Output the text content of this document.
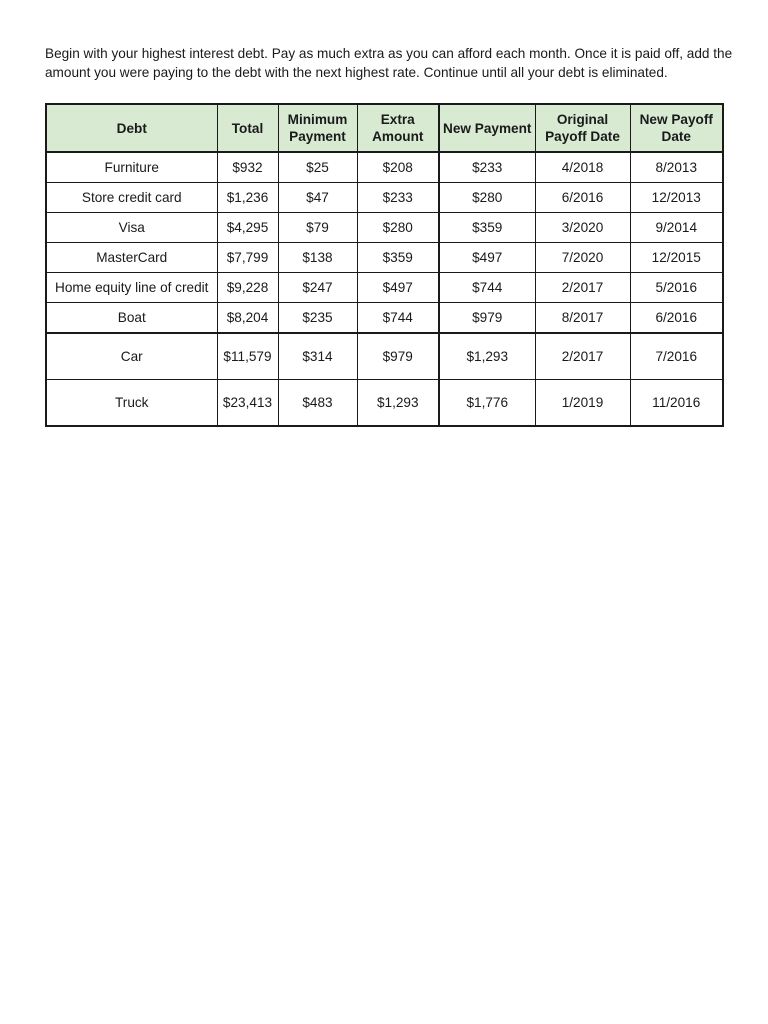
Begin with your highest interest debt. Pay as much extra as you can afford each month. Once it is paid off, add the amount you were paying to the debt with the next highest rate. Continue until all your debt is eliminated.

Debt	Total	Minimum Payment	Extra Amount	New Payment	Original Payoff Date	New Payoff Date
Furniture	$932	$25	$208	$233	4/2018	8/2013
Store credit card	$1,236	$47	$233	$280	6/2016	12/2013
Visa	$4,295	$79	$280	$359	3/2020	9/2014
MasterCard	$7,799	$138	$359	$497	7/2020	12/2015
Home equity line of credit	$9,228	$247	$497	$744	2/2017	5/2016
Boat	$8,204	$235	$744	$979	8/2017	6/2016
Car	$11,579	$314	$979	$1,293	2/2017	7/2016
Truck	$23,413	$483	$1,293	$1,776	1/2019	11/2016
